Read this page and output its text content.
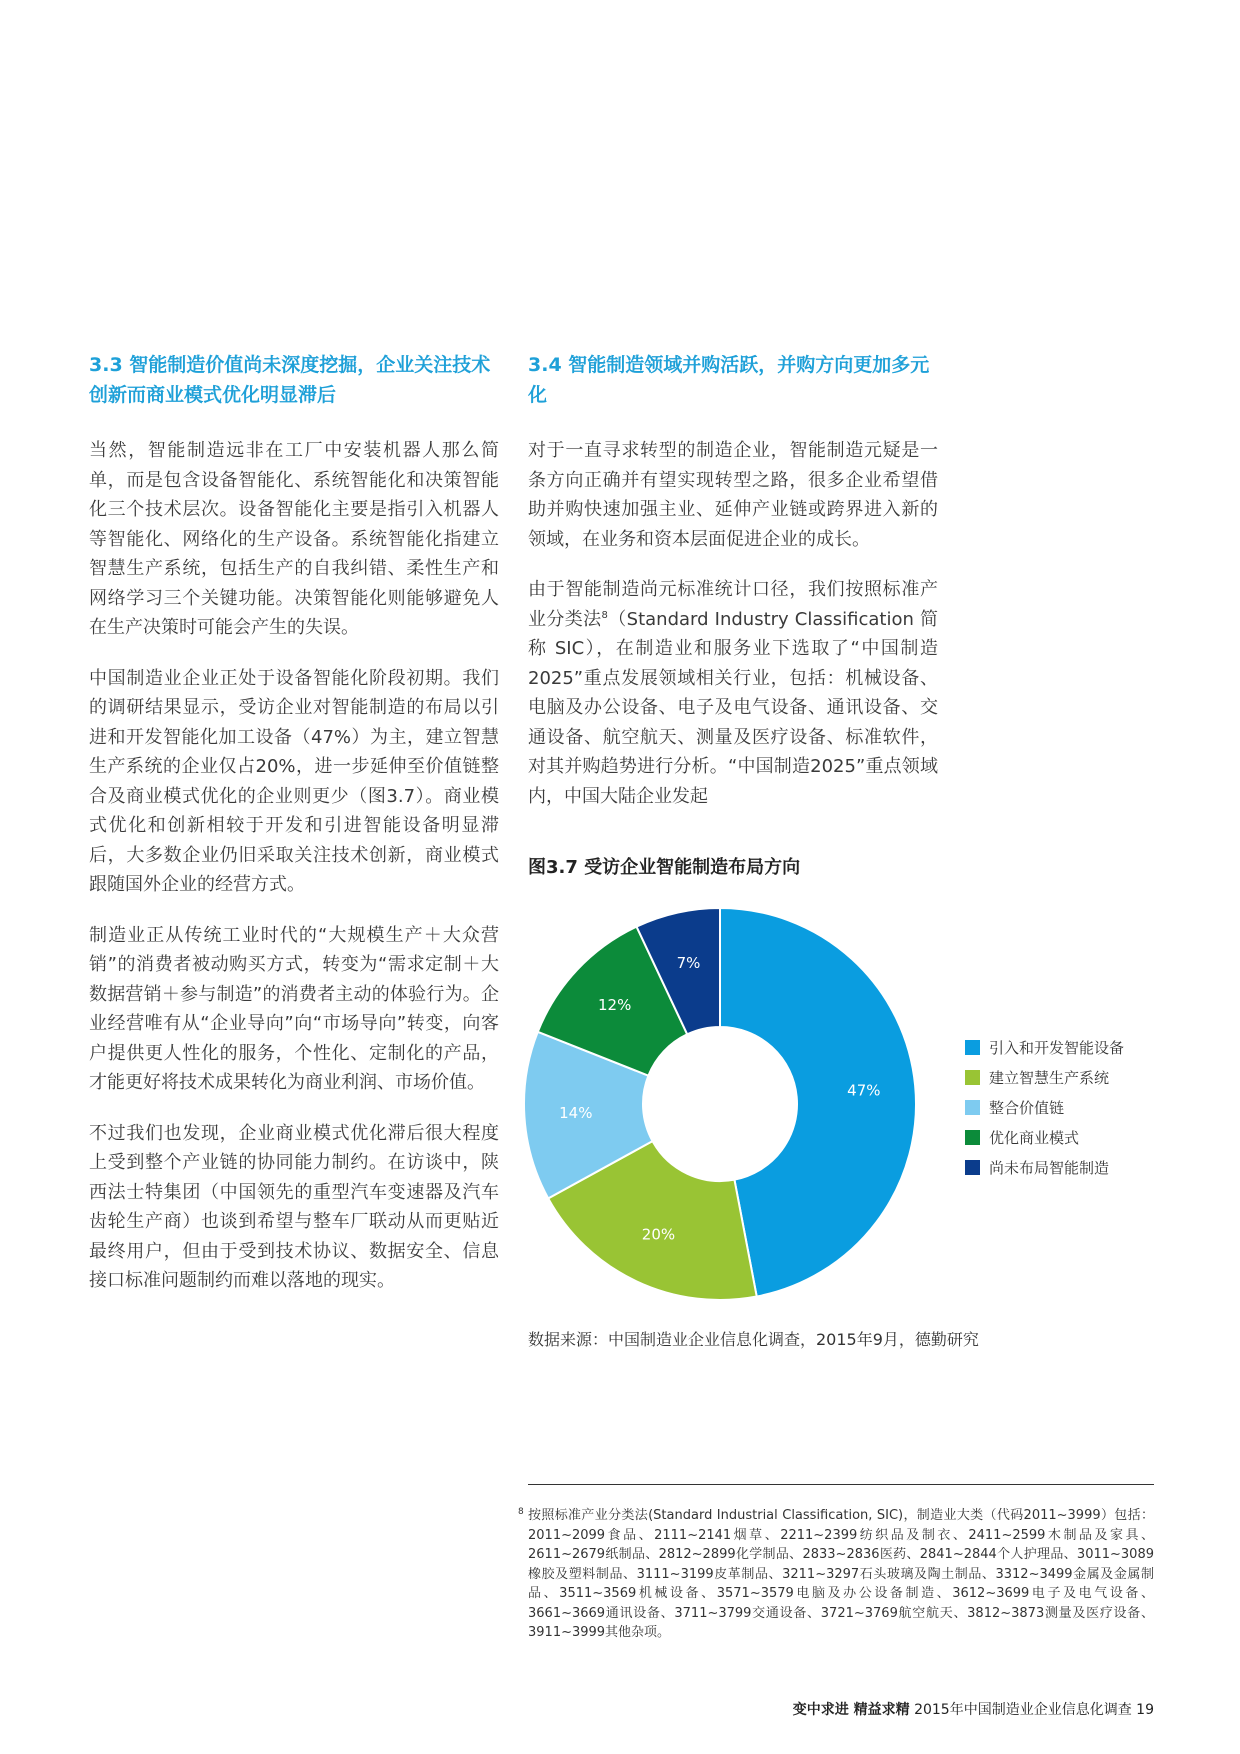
3.3 智能制造价值尚未深度挖掘，企业关注技术创新而商业模式优化明显滞后

当然，智能制造远非在工厂中安装机器人那么简单，而是包含设备智能化、系统智能化和决策智能化三个技术层次。设备智能化主要是指引入机器人等智能化、网络化的生产设备。系统智能化指建立智慧生产系统，包括生产的自我纠错、柔性生产和网络学习三个关键功能。决策智能化则能够避免人在生产决策时可能会产生的失误。

中国制造业企业正处于设备智能化阶段初期。我们的调研结果显示，受访企业对智能制造的布局以引进和开发智能化加工设备（47%）为主，建立智慧生产系统的企业仅占20%，进一步延伸至价值链整合及商业模式优化的企业则更少（图3.7）。商业模式优化和创新相较于开发和引进智能设备明显滞后，大多数企业仍旧采取关注技术创新，商业模式跟随国外企业的经营方式。

制造业正从传统工业时代的“大规模生产＋大众营销”的消费者被动购买方式，转变为“需求定制＋大数据营销＋参与制造”的消费者主动的体验行为。企业经营唯有从“企业导向”向“市场导向”转变，向客户提供更人性化的服务，个性化、定制化的产品，才能更好将技术成果转化为商业利润、市场价值。

不过我们也发现，企业商业模式优化滞后很大程度上受到整个产业链的协同能力制约。在访谈中，陕西法士特集团（中国领先的重型汽车变速器及汽车齿轮生产商）也谈到希望与整车厂联动从而更贴近最终用户，但由于受到技术协议、数据安全、信息接口标准问题制约而难以落地的现实。

3.4 智能制造领域并购活跃，并购方向更加多元化

对于一直寻求转型的制造企业，智能制造元疑是一条方向正确并有望实现转型之路，很多企业希望借助并购快速加强主业、延伸产业链或跨界进入新的领域，在业务和资本层面促进企业的成长。

由于智能制造尚元标准统计口径，我们按照标准产业分类法$^8$（Standard Industry Classification 简称 SIC），在制造业和服务业下选取了“中国制造2025”重点发展领域相关行业，包括：机械设备、电脑及办公设备、电子及电气设备、通讯设备、交通设备、航空航天、测量及医疗设备、标准软件，对其并购趋势进行分析。“中国制造2025”重点领域内，中国大陆企业发起

图3.7 受访企业智能制造布局方向
47%
20%
14%
12%
7%
引入和开发智能设备
建立智慧生产系统
整合价值链
优化商业模式
尚未布局智能制造
数据来源：中国制造业企业信息化调查，2015年9月，德勤研究
8 按照标准产业分类法(Standard Industrial Classification, SIC)，制造业大类（代码2011~3999）包括：2011~2099食品、2111~2141烟草、2211~2399纺织品及制衣、2411~2599木制品及家具、2611~2679纸制品、2812~2899化学制品、2833~2836医药、2841~2844个人护理品、3011~3089橡胶及塑料制品、3111~3199皮革制品、3211~3297石头玻璃及陶土制品、3312~3499金属及金属制品、3511~3569机械设备、3571~3579电脑及办公设备制造、3612~3699电子及电气设备、3661~3669通讯设备、3711~3799交通设备、3721~3769航空航天、3812~3873测量及医疗设备、3911~3999其他杂项。
变中求进 精益求精 2015年中国制造业企业信息化调查 19
